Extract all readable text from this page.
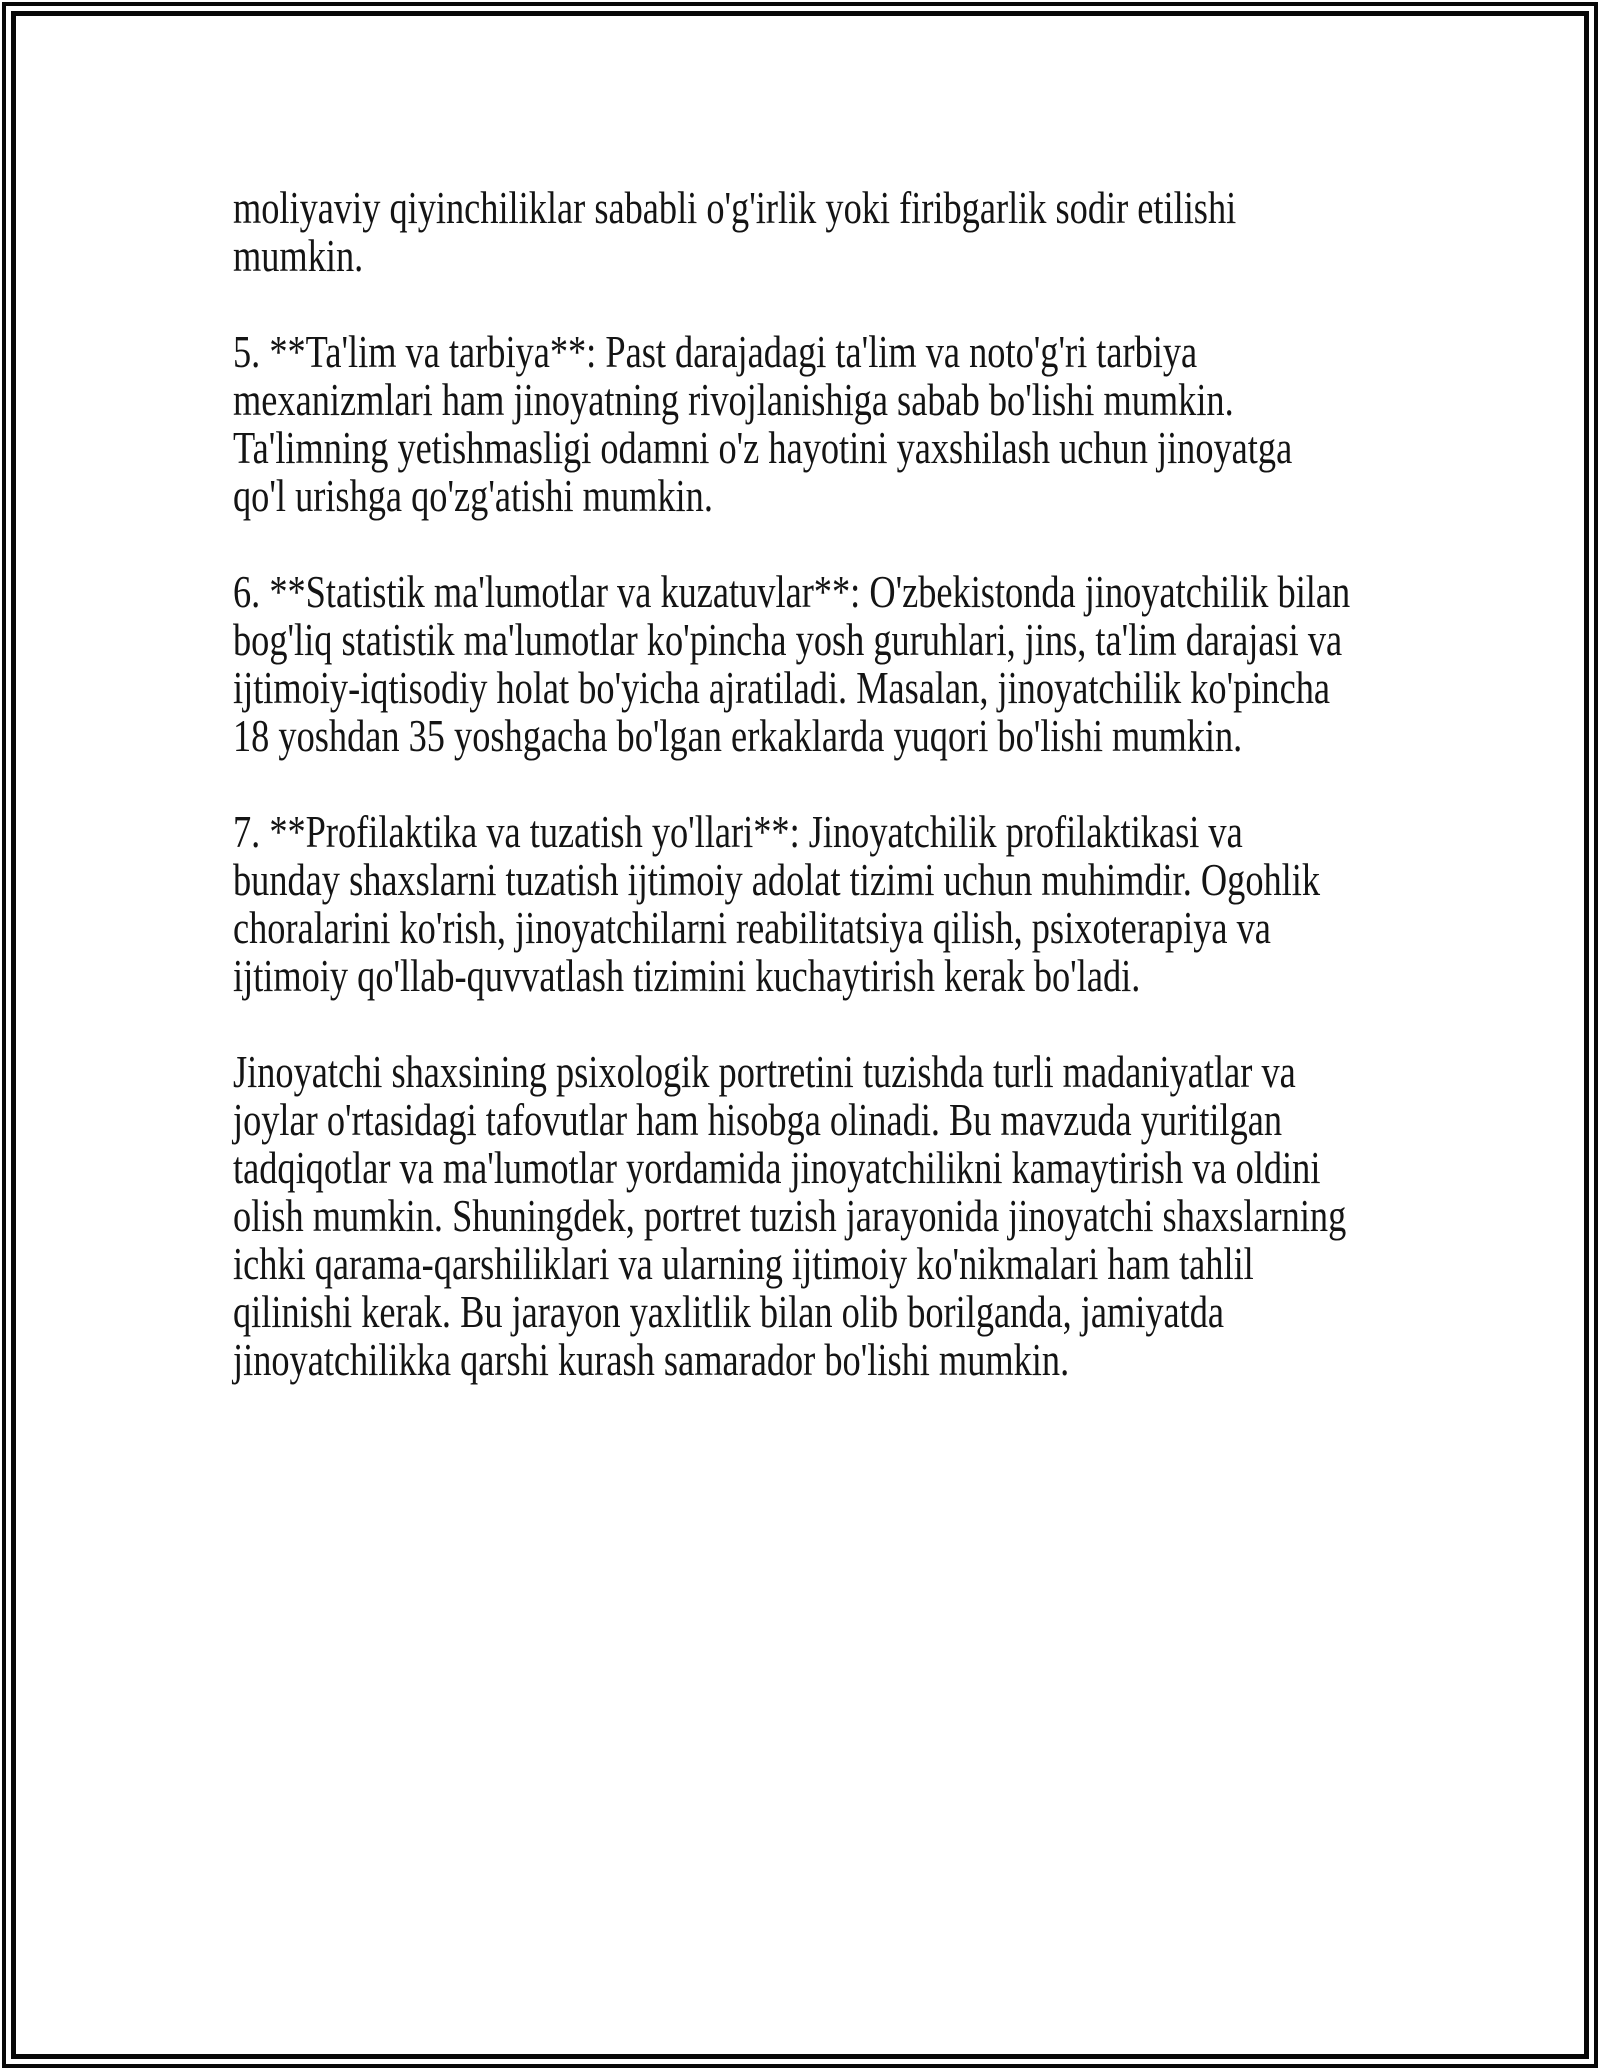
moliyaviy qiyinchiliklar sababli o'g'irlik yoki firibgarlik sodir etilishi
mumkin.

5. **Ta'lim va tarbiya**: Past darajadagi ta'lim va noto'g'ri tarbiya
mexanizmlari ham jinoyatning rivojlanishiga sabab bo'lishi mumkin.
Ta'limning yetishmasligi odamni o'z hayotini yaxshilash uchun jinoyatga
qo'l urishga qo'zg'atishi mumkin.

6. **Statistik ma'lumotlar va kuzatuvlar**: O'zbekistonda jinoyatchilik bilan
bog'liq statistik ma'lumotlar ko'pincha yosh guruhlari, jins, ta'lim darajasi va
ijtimoiy-iqtisodiy holat bo'yicha ajratiladi. Masalan, jinoyatchilik ko'pincha
18 yoshdan 35 yoshgacha bo'lgan erkaklarda yuqori bo'lishi mumkin.

7. **Profilaktika va tuzatish yo'llari**: Jinoyatchilik profilaktikasi va
bunday shaxslarni tuzatish ijtimoiy adolat tizimi uchun muhimdir. Ogohlik
choralarini ko'rish, jinoyatchilarni reabilitatsiya qilish, psixoterapiya va
ijtimoiy qo'llab-quvvatlash tizimini kuchaytirish kerak bo'ladi.

Jinoyatchi shaxsining psixologik portretini tuzishda turli madaniyatlar va
joylar o'rtasidagi tafovutlar ham hisobga olinadi. Bu mavzuda yuritilgan
tadqiqotlar va ma'lumotlar yordamida jinoyatchilikni kamaytirish va oldini
olish mumkin. Shuningdek, portret tuzish jarayonida jinoyatchi shaxslarning
ichki qarama-qarshiliklari va ularning ijtimoiy ko'nikmalari ham tahlil
qilinishi kerak. Bu jarayon yaxlitlik bilan olib borilganda, jamiyatda
jinoyatchilikka qarshi kurash samarador bo'lishi mumkin.
